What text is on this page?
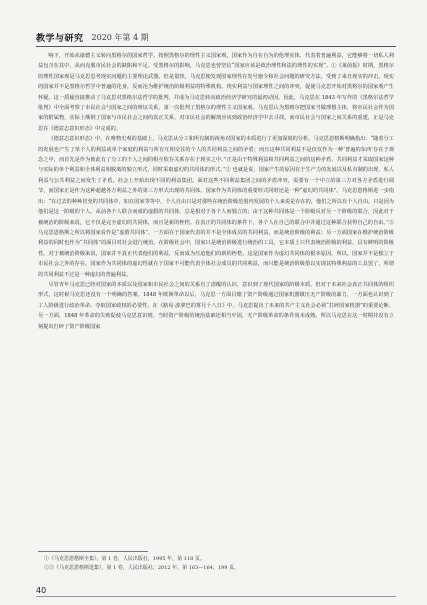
教学与研究 2020 年第 4 期

响下，开始从康德主义转向黑格尔的国家哲学。按照黑格尔的理性主义国家观，国家作为自在自为的伦理实体，代表着普遍利益，它能够将一切私人利益包含在其中，从而克服市民社会的缺陷和不足。受黑格尔的影响，马克思也曾坚信“国家应该是政治理性和法的理性的实现”。①《莱茵报》时期，黑格尔的理性国家观是马克思思考现实问题的主要理论武器。但是很快，马克思便发现国家理性在发号施令和社会问题的研究方法，受到了来自现实的冲击。现实的国家并不是黑格尔哲学中普遍的化身，反而沦为维护统治阶级利益的特殊机构。现实利益与国家理性之间的冲突，促使马克思开始对黑格尔的国家观产生怀疑。这一质疑直接推动了马克思对黑格尔法哲学的批判，并成为马克思转向政治经济学研究的最初动因。因此，马克思在 1843 年写作的《黑格尔法哲学批判》中全面考察了市民社会与国家之间的辩证关系，第一次批判了黑格尔的理性主义国家观。马克思认为黑格尔把国家当做理想主体，将市民社会作为国家的附属物，实际上颠倒了国家与市民社会之间的真正关系，对市民社会的解剖应该到政治经济学中去寻找。而市民社会与国家之间关系的重建，正是马克思在《德意志意识形态》中完成的。

《德意志意识形态》中，在唯物史观的基础上，马克思从分工和所有制的视角对国家的本质进行了更加深刻的分析。马克思恩格斯明确指出：“随着分工的发展也产生了单个人的利益或单个家庭的利益与所有互相交往的个人的共同利益之间的矛盾；而且这种共同利益不是仅仅作为一种‘普遍的东西’存在于观念之中，而首先是作为彼此有了分工的个人之间的相互依存关系存在于现实之中。”正是由于特殊利益和共同利益之间的这种矛盾，共同利益才采取国家这种与实际的单个利益和全体利益相脱离的独立形式，同时采取虚幻的共同体的形式。”② 也就是说，国家产生的原因在于生产力的发展以及私有制的出现，私人利益与公共利益之间发生了矛盾，社会上开始出现不同的利益集团。面对这些不同利益集团之间的矛盾冲突，需要有一个中立的第三方对各方矛盾进行调节，而国家正是作为这种超越各方利益之外的第三方形式出现的共同体。国家作为共同体的重要形式同时还是一种“虚幻的共同体”。马克思恩格斯进一步指出：“在过去的种种冒充的共同体中，如在国家等等中，个人自由只是对那些在统治阶级范围内发展的个人来说是存在的，他们之所以有个人自由，只是因为他们是这一阶级的个人。从前各个人联合而成的虚假的共同体，总是相对于各个人而独立的；由于这种共同体是一个阶级反对另一个阶级的联合，因此对于被统治的阶级来说，它不仅是完全虚幻的共同体，而且是新的桎梏。在真正的共同体的条件下，各个人在自己的联合中并通过这种联合获得自己的自由。”③ 马克思恩格斯之所以将国家看作是“虚假共同体”，一方面在于国家代表的并不是全体成员的共同利益，而是统治阶级的利益；另一方面国家在维护统治阶级利益的同时也作为“共同体”的面目对社会进行统治。在阶级社会中，国家只是统治阶级进行统治的工具，它本质上只代表统治阶级的利益，具有鲜明的阶级性。对于被统治阶级来说，国家并不真正代表他们的利益，反而成为压迫他们的新的桎梏，这是国家作为虚幻共同体的根本原因。所以，国家并不是独立于市民社会之外的存在，国家作为共同体的虚幻性就在于国家不可能代表全体社会成员的共同利益，而只能是统治阶级借以实现其特殊利益的工具罢了，所谓的共同利益不过是一种虚幻的普遍利益。

尽管青年马克思已经对国家的本质以及国家和市民社会之间的关系有了清醒的认识，意识到了现代国家的阶级本质，但对于未来社会真正共同体的组织形式，这时候马克思还没有一个明确的答案。1848 年欧洲革命以后，马克思一方面目睹了资产阶级通过国家机器镇压无产阶级的暴力，一方面也认识到了工人阶级进行政治革命、夺取国家政权的必要性。在《路易·波拿巴的雾月十八日》中，马克思提出了未来的共产主义社会必须“打碎国家机器”的重要论断。另一方面，1848 年革命的失败促使马克思意识到，当时资产阶级的统治基础还相当牢固，无产阶级革命的条件尚未成熟。所以马克思在这一时期并没有立刻提出打碎了资产阶级国家

①《马克思恩格斯全集》，第 1 卷，人民出版社，1995 年，第 118 页。
②③《马克思恩格斯选集》，第 1 卷，人民出版社，2012 年，第 163—164、199 页。
40
